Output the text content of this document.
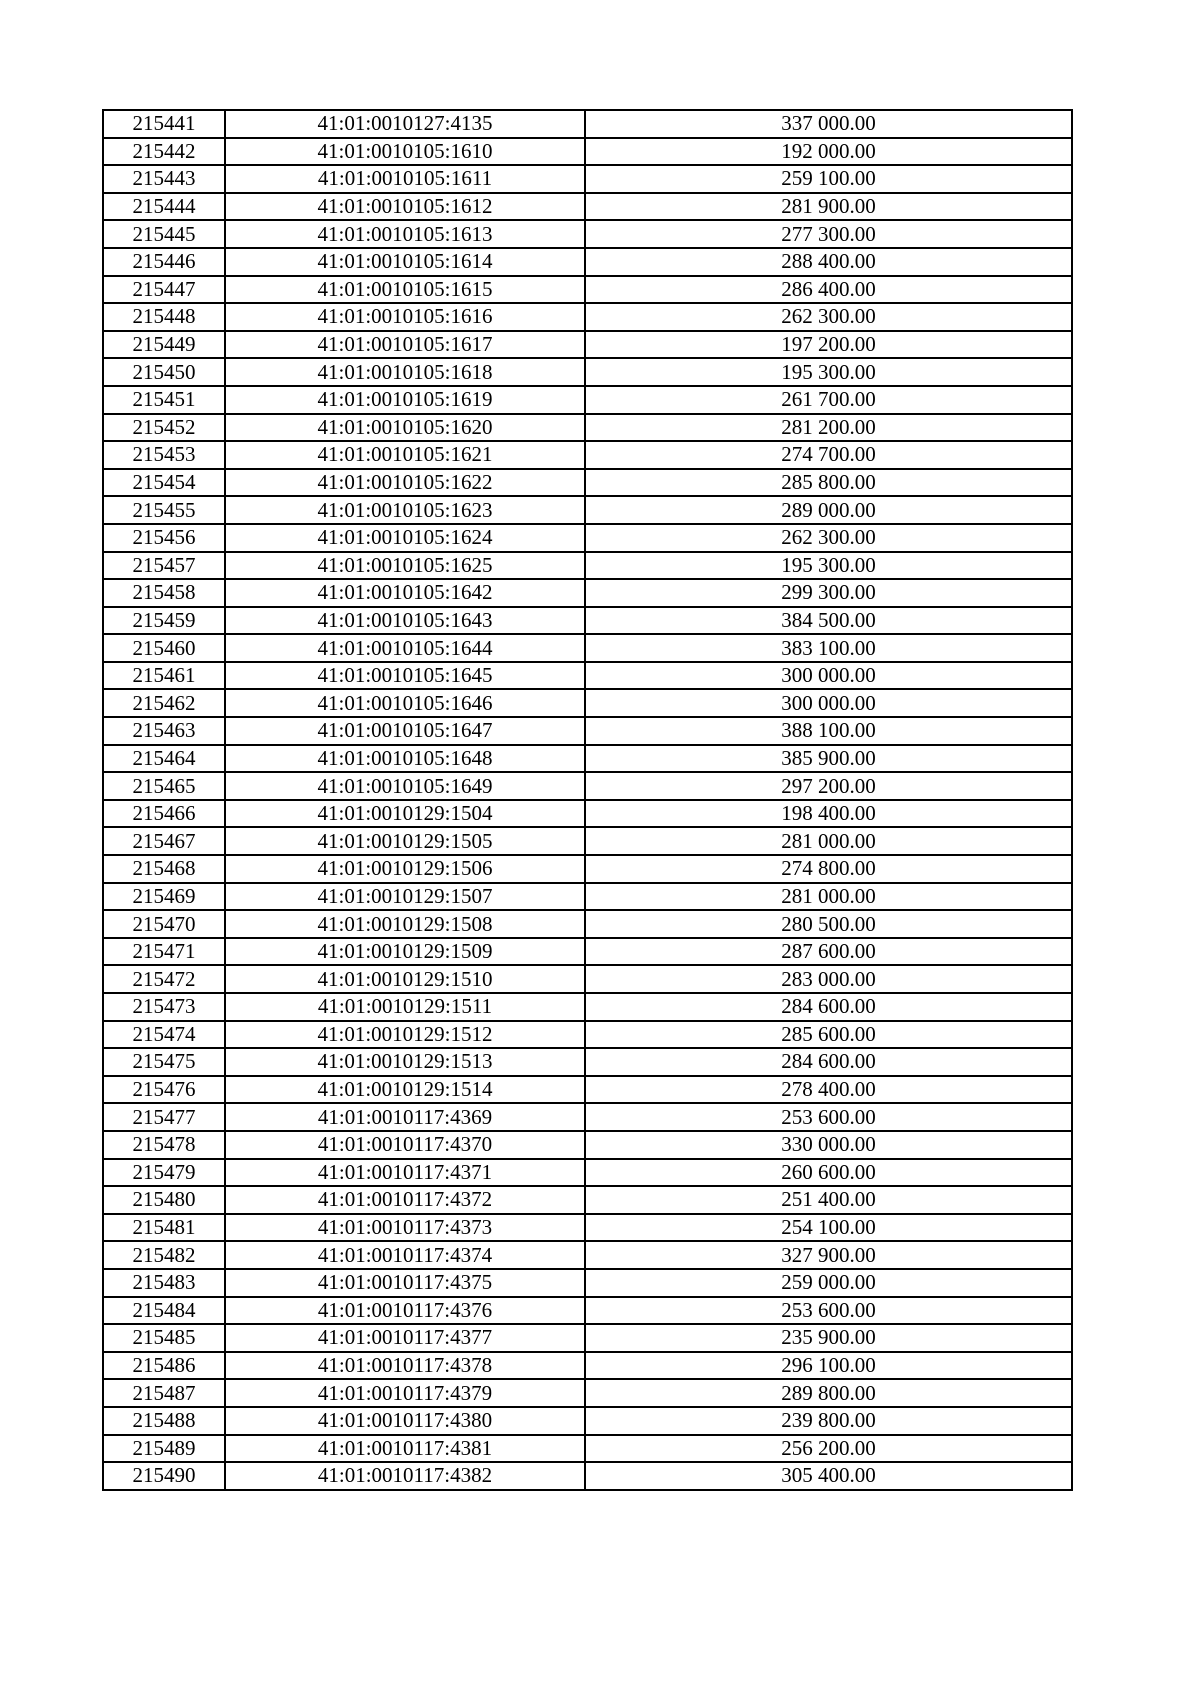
215441	41:01:0010127:4135	337 000.00
215442	41:01:0010105:1610	192 000.00
215443	41:01:0010105:1611	259 100.00
215444	41:01:0010105:1612	281 900.00
215445	41:01:0010105:1613	277 300.00
215446	41:01:0010105:1614	288 400.00
215447	41:01:0010105:1615	286 400.00
215448	41:01:0010105:1616	262 300.00
215449	41:01:0010105:1617	197 200.00
215450	41:01:0010105:1618	195 300.00
215451	41:01:0010105:1619	261 700.00
215452	41:01:0010105:1620	281 200.00
215453	41:01:0010105:1621	274 700.00
215454	41:01:0010105:1622	285 800.00
215455	41:01:0010105:1623	289 000.00
215456	41:01:0010105:1624	262 300.00
215457	41:01:0010105:1625	195 300.00
215458	41:01:0010105:1642	299 300.00
215459	41:01:0010105:1643	384 500.00
215460	41:01:0010105:1644	383 100.00
215461	41:01:0010105:1645	300 000.00
215462	41:01:0010105:1646	300 000.00
215463	41:01:0010105:1647	388 100.00
215464	41:01:0010105:1648	385 900.00
215465	41:01:0010105:1649	297 200.00
215466	41:01:0010129:1504	198 400.00
215467	41:01:0010129:1505	281 000.00
215468	41:01:0010129:1506	274 800.00
215469	41:01:0010129:1507	281 000.00
215470	41:01:0010129:1508	280 500.00
215471	41:01:0010129:1509	287 600.00
215472	41:01:0010129:1510	283 000.00
215473	41:01:0010129:1511	284 600.00
215474	41:01:0010129:1512	285 600.00
215475	41:01:0010129:1513	284 600.00
215476	41:01:0010129:1514	278 400.00
215477	41:01:0010117:4369	253 600.00
215478	41:01:0010117:4370	330 000.00
215479	41:01:0010117:4371	260 600.00
215480	41:01:0010117:4372	251 400.00
215481	41:01:0010117:4373	254 100.00
215482	41:01:0010117:4374	327 900.00
215483	41:01:0010117:4375	259 000.00
215484	41:01:0010117:4376	253 600.00
215485	41:01:0010117:4377	235 900.00
215486	41:01:0010117:4378	296 100.00
215487	41:01:0010117:4379	289 800.00
215488	41:01:0010117:4380	239 800.00
215489	41:01:0010117:4381	256 200.00
215490	41:01:0010117:4382	305 400.00
